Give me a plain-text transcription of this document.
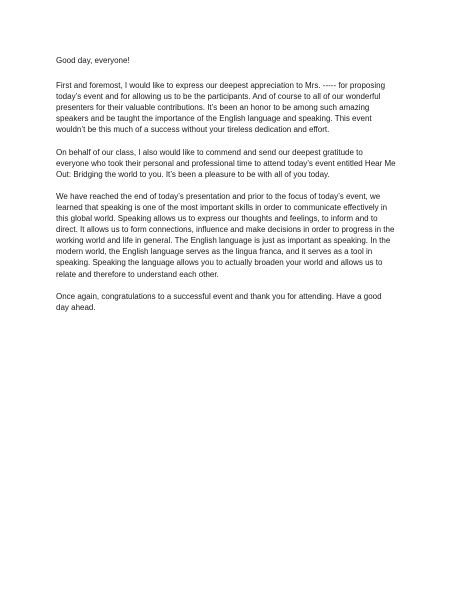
Good day, everyone!

First and foremost, I would like to express our deepest appreciation to Mrs. ----- for proposing
today’s event and for allowing us to be the participants. And of course to all of our wonderful
presenters for their valuable contributions. It’s been an honor to be among such amazing
speakers and be taught the importance of the English language and speaking. This event
wouldn’t be this much of a success without your tireless dedication and effort.

On behalf of our class, I also would like to commend and send our deepest gratitude to
everyone who took their personal and professional time to attend today’s event entitled Hear Me
Out: Bridging the world to you. It’s been a pleasure to be with all of you today.

We have reached the end of today’s presentation and prior to the focus of today’s event, we
learned that speaking is one of the most important skills in order to communicate effectively in
this global world. Speaking allows us to express our thoughts and feelings, to inform and to
direct. It allows us to form connections, influence and make decisions in order to progress in the
working world and life in general. The English language is just as important as speaking. In the
modern world, the English language serves as the lingua franca, and it serves as a tool in
speaking. Speaking the language allows you to actually broaden your world and allows us to
relate and therefore to understand each other.

Once again, congratulations to a successful event and thank you for attending. Have a good
day ahead.
